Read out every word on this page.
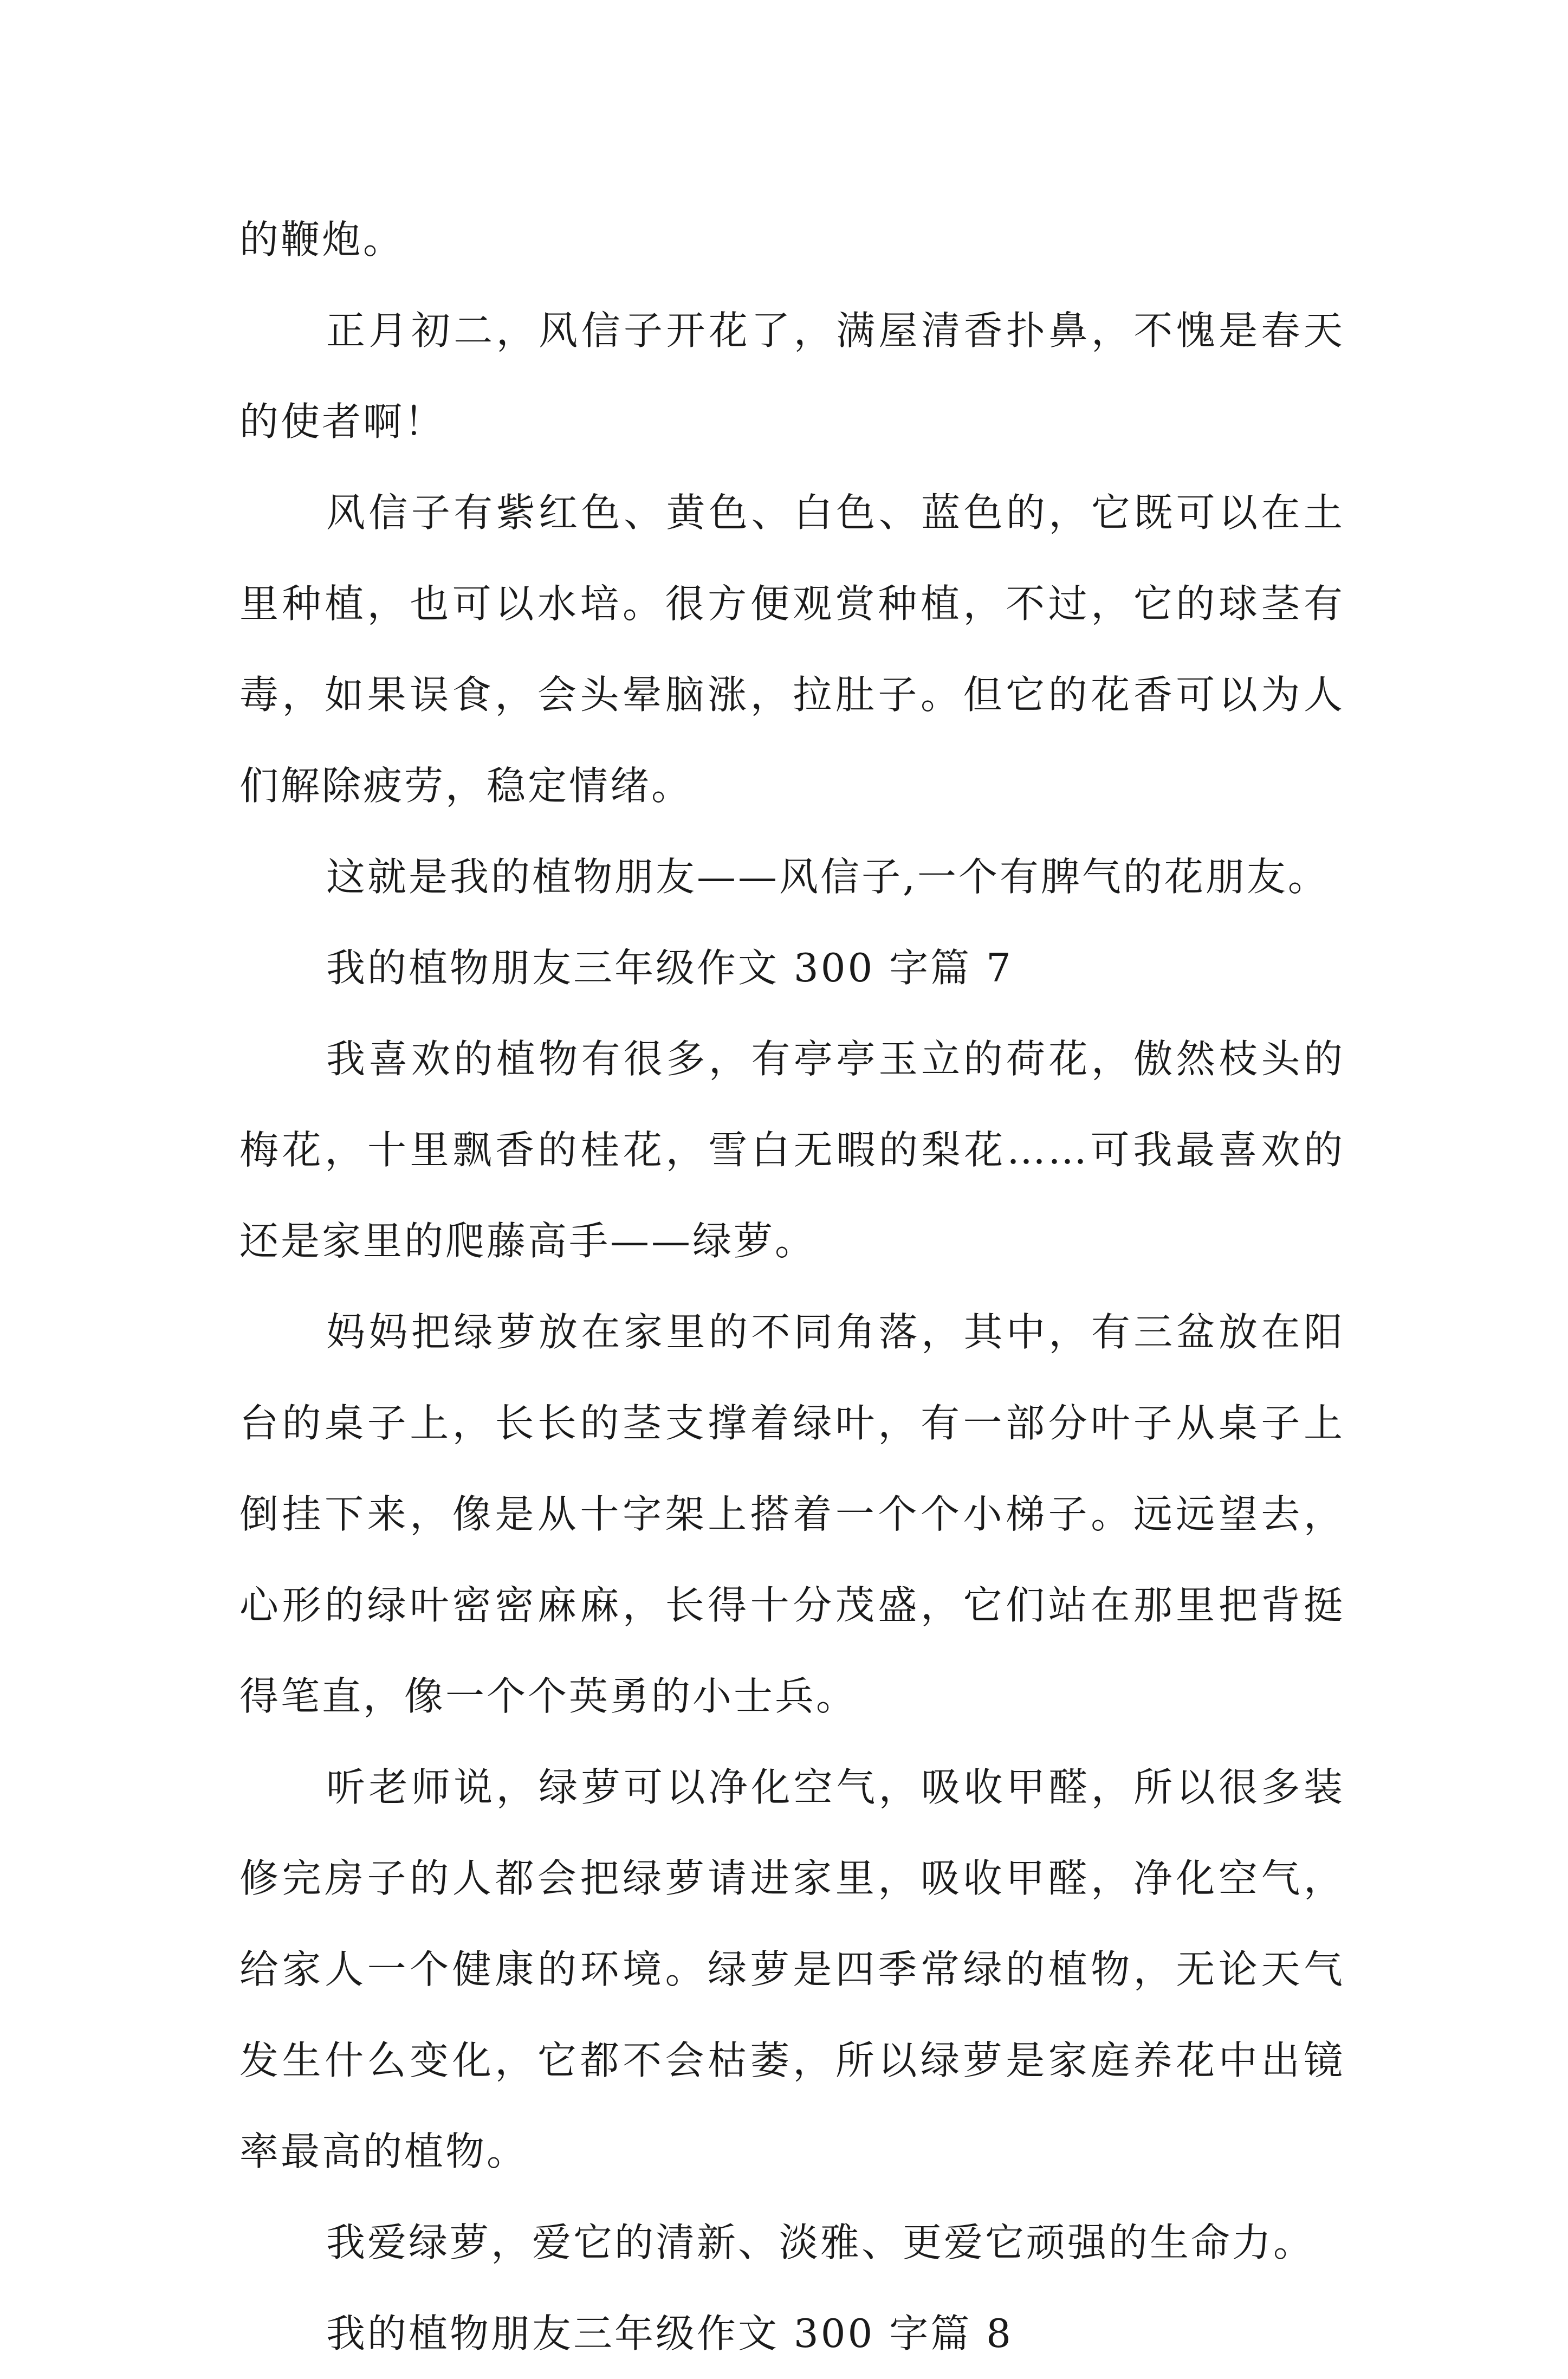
的鞭炮。

正月初二，风信子开花了，满屋清香扑鼻，不愧是春天的使者啊！

风信子有紫红色、黄色、白色、蓝色的，它既可以在土里种植，也可以水培。很方便观赏种植，不过，它的球茎有毒，如果误食，会头晕脑涨，拉肚子。但它的花香可以为人们解除疲劳，稳定情绪。

这就是我的植物朋友——风信子,一个有脾气的花朋友。

我的植物朋友三年级作文 300 字篇 7

我喜欢的植物有很多，有亭亭玉立的荷花，傲然枝头的梅花，十里飘香的桂花，雪白无暇的梨花……可我最喜欢的还是家里的爬藤高手——绿萝。

妈妈把绿萝放在家里的不同角落，其中，有三盆放在阳台的桌子上，长长的茎支撑着绿叶，有一部分叶子从桌子上倒挂下来，像是从十字架上搭着一个个小梯子。远远望去，心形的绿叶密密麻麻，长得十分茂盛，它们站在那里把背挺得笔直，像一个个英勇的小士兵。

听老师说，绿萝可以净化空气，吸收甲醛，所以很多装修完房子的人都会把绿萝请进家里，吸收甲醛，净化空气，给家人一个健康的环境。绿萝是四季常绿的植物，无论天气发生什么变化，它都不会枯萎，所以绿萝是家庭养花中出镜率最高的植物。

我爱绿萝，爱它的清新、淡雅、更爱它顽强的生命力。

我的植物朋友三年级作文 300 字篇 8
